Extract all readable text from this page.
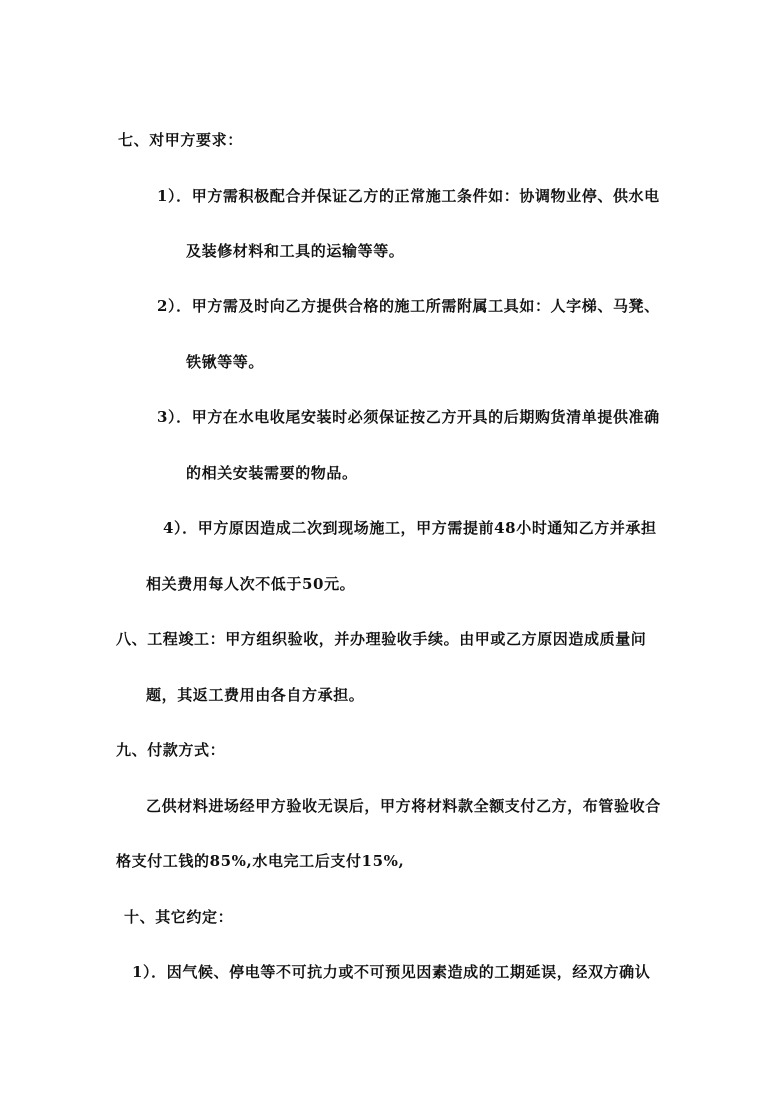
七、对甲方要求：
1）．甲方需积极配合并保证乙方的正常施工条件如：协调物业停、供水电
及装修材料和工具的运输等等。
2）．甲方需及时向乙方提供合格的施工所需附属工具如：人字梯、马凳、
铁锹等等。
3）．甲方在水电收尾安装时必须保证按乙方开具的后期购货清单提供准确
的相关安装需要的物品。
4）．甲方原因造成二次到现场施工，甲方需提前48小时通知乙方并承担
相关费用每人次不低于50元。
八、工程竣工：甲方组织验收，并办理验收手续。由甲或乙方原因造成质量问
题，其返工费用由各自方承担。
九、付款方式：
乙供材料进场经甲方验收无误后，甲方将材料款全额支付乙方，布管验收合
格支付工钱的85%,水电完工后支付15%,
十、其它约定：
1）．因气候、停电等不可抗力或不可预见因素造成的工期延误，经双方确认
